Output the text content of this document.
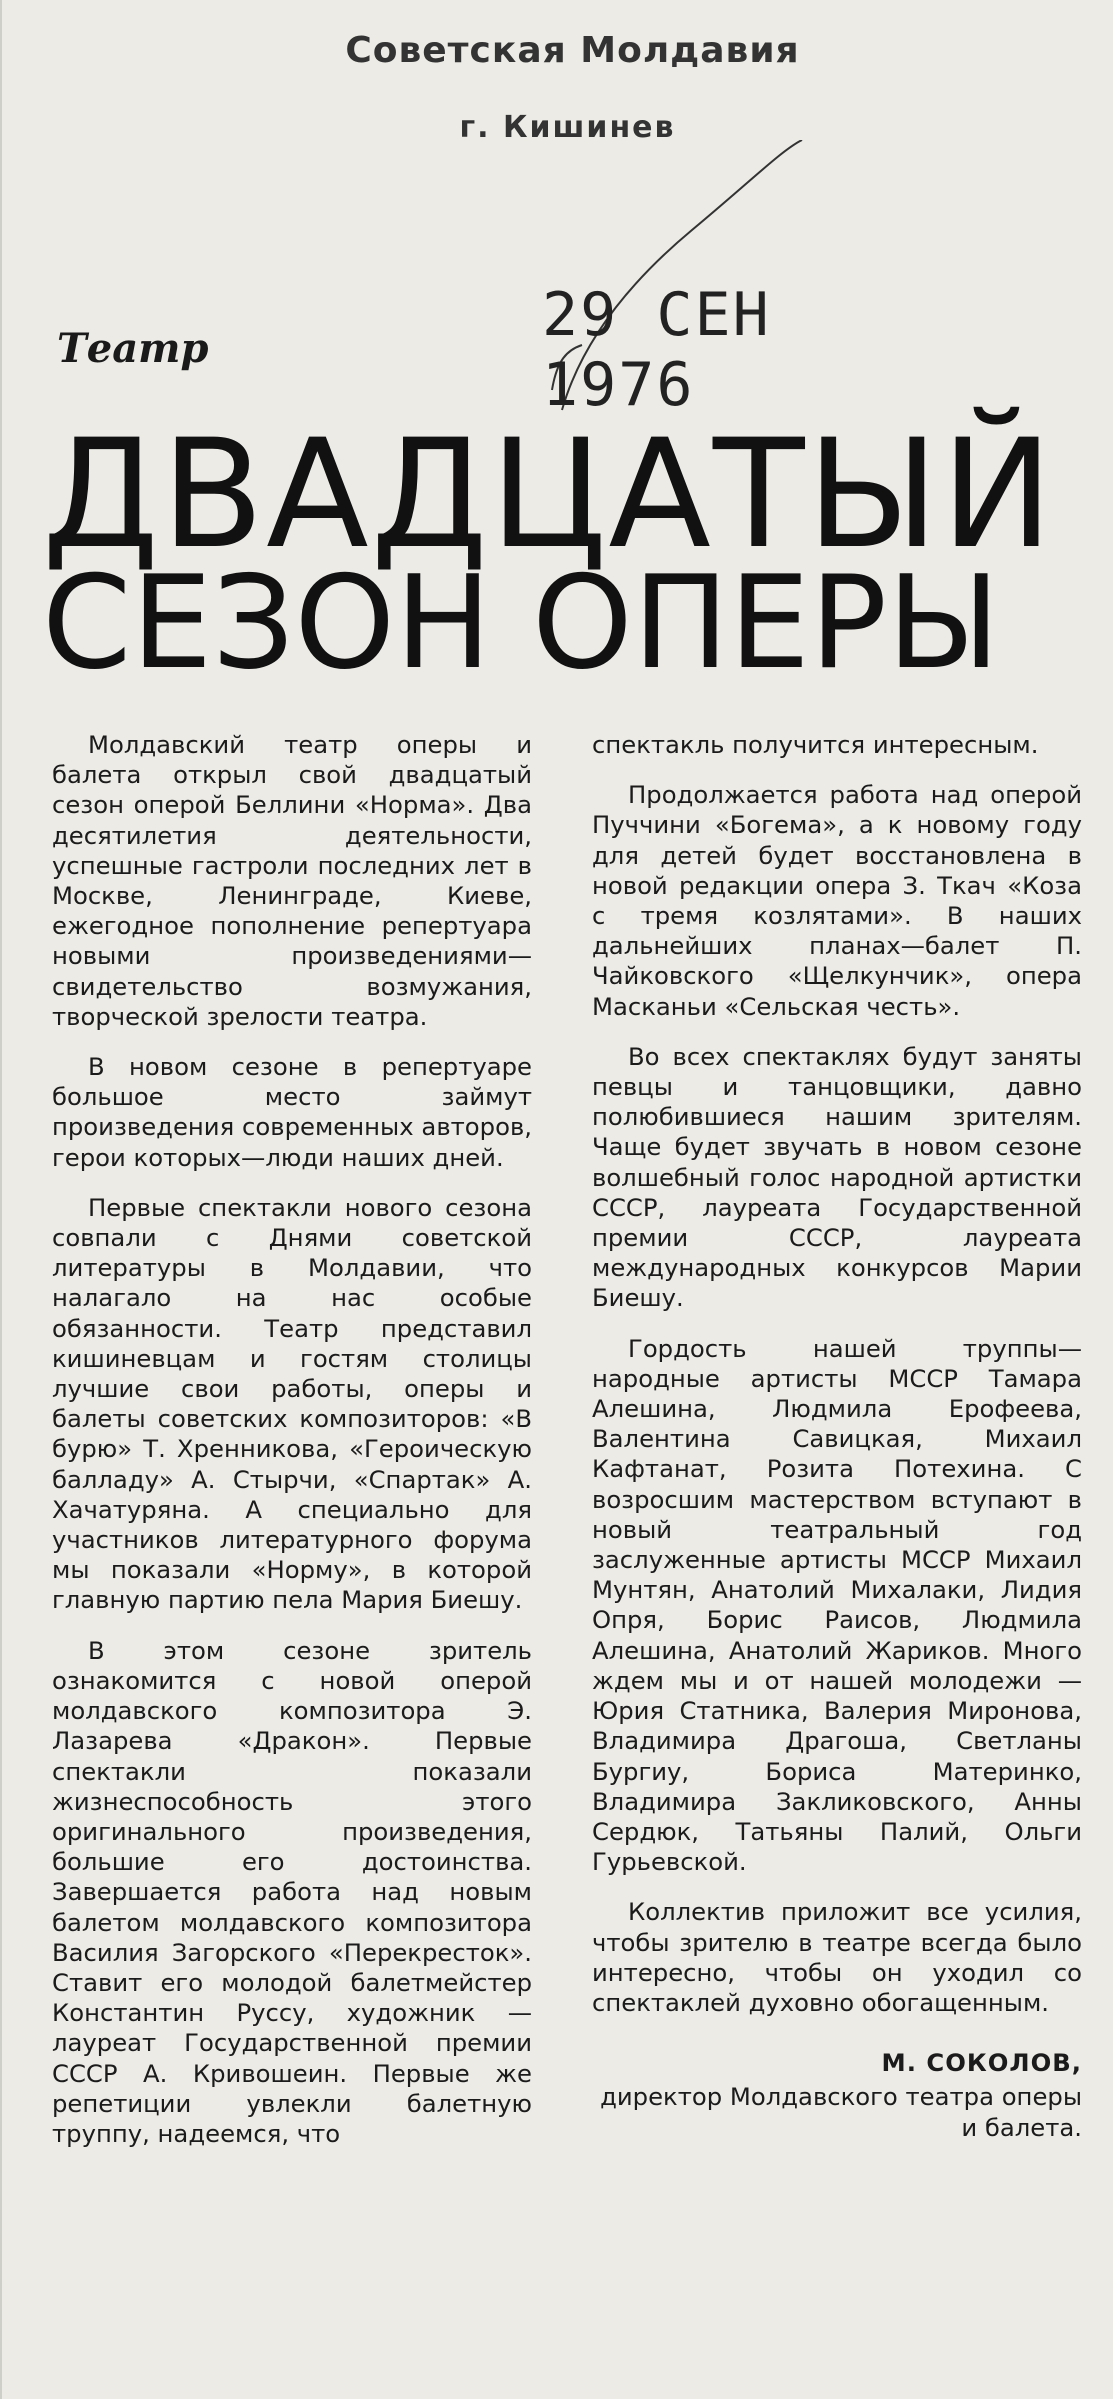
Советская Молдавия
г. Кишинев
29 СЕН 1976
Театр
ДВАДЦАТЫЙ
СЕЗОН ОПЕРЫ

Молдавский театр оперы и балета открыл свой двадцатый сезон оперой Беллини «Норма». Два десятилетия деятельности, успешные гастроли последних лет в Москве, Ленинграде, Киеве, ежегодное пополнение репертуара новыми произведениями—свидетельство возмужания, творческой зрелости театра.

В новом сезоне в репертуаре большое место займут произведения современных авторов, герои которых—люди наших дней.

Первые спектакли нового сезона совпали с Днями советской литературы в Молдавии, что налагало на нас особые обязанности. Театр представил кишиневцам и гостям столицы лучшие свои работы, оперы и балеты советских композиторов: «В бурю» Т. Хренникова, «Героическую балладу» А. Стырчи, «Спартак» А. Хачатуряна. А специально для участников литературного форума мы показали «Норму», в которой главную партию пела Мария Биешу.

В этом сезоне зритель ознакомится с новой оперой молдавского композитора Э. Лазарева «Дракон». Первые спектакли показали жизнеспособность этого оригинального произведения, большие его достоинства. Завершается работа над новым балетом молдавского композитора Василия Загорского «Перекресток». Ставит его молодой балетмейстер Константин Руссу, художник — лауреат Государственной премии СССР А. Кривошеин. Первые же репетиции увлекли балетную труппу, надеемся, что

спектакль получится интересным.

Продолжается работа над оперой Пуччини «Богема», а к новому году для детей будет восстановлена в новой редакции опера З. Ткач «Коза с тремя козлятами». В наших дальнейших планах—балет П. Чайковского «Щелкунчик», опера Масканьи «Сельская честь».

Во всех спектаклях будут заняты певцы и танцовщики, давно полюбившиеся нашим зрителям. Чаще будет звучать в новом сезоне волшебный голос народной артистки СССР, лауреата Государственной премии СССР, лауреата международных конкурсов Марии Биешу.

Гордость нашей труппы—народные артисты МССР Тамара Алешина, Людмила Ерофеева, Валентина Савицкая, Михаил Кафтанат, Розита Потехина. С возросшим мастерством вступают в новый театральный год заслуженные артисты МССР Михаил Мунтян, Анатолий Михалаки, Лидия Опря, Борис Раисов, Людмила Алешина, Анатолий Жариков. Много ждем мы и от нашей молодежи — Юрия Статника, Валерия Миронова, Владимира Драгоша, Светланы Бургиу, Бориса Материнко, Владимира Закликовского, Анны Сердюк, Татьяны Палий, Ольги Гурьевской.

Коллектив приложит все усилия, чтобы зрителю в театре всегда было интересно, чтобы он уходил со спектаклей духовно обогащенным.

М. СОКОЛОВ,

директор Молдавского театра оперы и балета.
